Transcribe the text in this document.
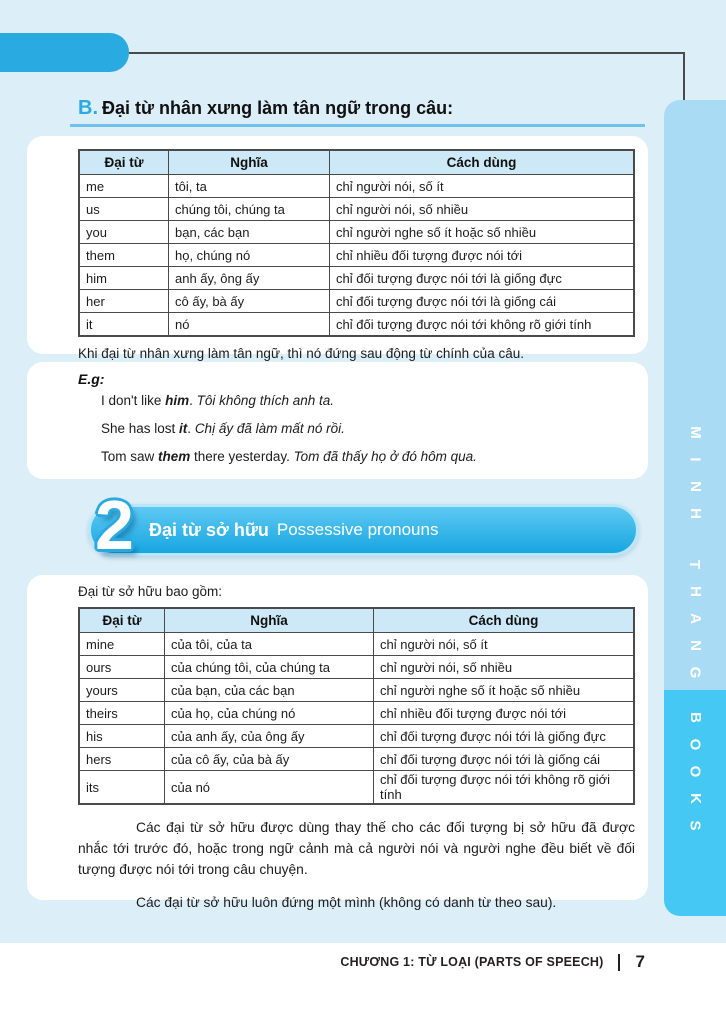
M
I
N
H
T
H
A
N
G
B
O
O
K
S
B. Đại từ nhân xưng làm tân ngữ trong câu:
Đại từ	Nghĩa	Cách dùng
me	tôi, ta	chỉ người nói, số ít
us	chúng tôi, chúng ta	chỉ người nói, số nhiều
you	bạn, các bạn	chỉ người nghe số ít hoặc số nhiều
them	họ, chúng nó	chỉ nhiều đối tượng được nói tới
him	anh ấy, ông ấy	chỉ đối tượng được nói tới là giống đực
her	cô ấy, bà ấy	chỉ đối tượng được nói tới là giống cái
it	nó	chỉ đối tượng được nói tới không rõ giới tính

Khi đại từ nhân xưng làm tân ngữ, thì nó đứng sau động từ chính của câu.

E.g:

I don't like him. Tôi không thích anh ta.

She has lost it. Chị ấy đã làm mất nó rồi.

Tom saw them there yesterday. Tom đã thấy họ ở đó hôm qua.

2 Đại từ sở hữu Possessive pronouns

Đại từ sở hữu bao gồm:

Đại từ	Nghĩa	Cách dùng
mine	của tôi, của ta	chỉ người nói, số ít
ours	của chúng tôi, của chúng ta	chỉ người nói, số nhiều
yours	của bạn, của các bạn	chỉ người nghe số ít hoặc số nhiều
theirs	của họ, của chúng nó	chỉ nhiều đối tượng được nói tới
his	của anh ấy, của ông ấy	chỉ đối tượng được nói tới là giống đực
hers	của cô ấy, của bà ấy	chỉ đối tượng được nói tới là giống cái
its	của nó	chỉ đối tượng được nói tới không rõ giới tính

Các đại từ sở hữu được dùng thay thế cho các đối tượng bị sở hữu đã được nhắc tới trước đó, hoặc trong ngữ cảnh mà cả người nói và người nghe đều biết về đối tượng được nói tới trong câu chuyện.

Các đại từ sở hữu luôn đứng một mình (không có danh từ theo sau).

CHƯƠNG 1: TỪ LOẠI (PARTS OF SPEECH) 7
